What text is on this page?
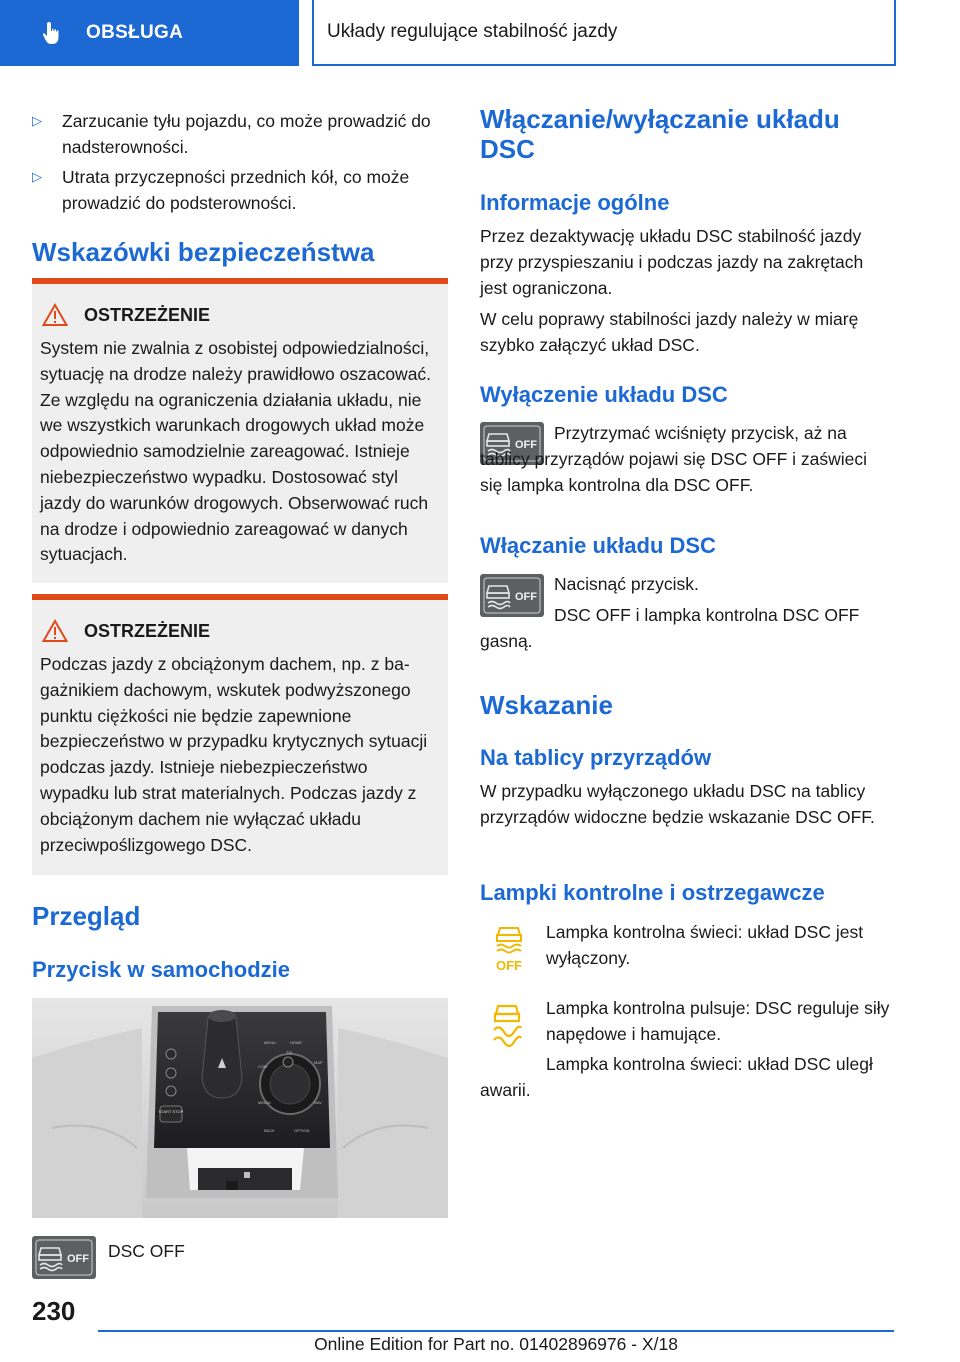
OBSŁUGA	Układy regulujące stabilność jazdy
▷ Zarzucanie tyłu pojazdu, co może prowadzić do nadsterowności.
▷ Utrata przyczepności przednich kół, co może prowadzić do podsterowności.
Wskazówki bezpieczeństwa
OSTRZEŻENIE
System nie zwalnia z osobistej odpowiedzialności, sytuację na drodze należy prawidłowo oszacować. Ze względu na ograniczenia działania układu, nie we wszystkich warunkach drogowych układ może odpowiednio samodzielnie zareagować. Istnieje niebezpieczeństwo wypadku. Dostosować styl jazdy do warunków drogowych. Obserwować ruch na drodze i odpowiednio zareagować w danych sytuacjach.
OSTRZEŻENIE
Podczas jazdy z obciążonym dachem, np. z bagażnikiem dachowym, wskutek podwyższonego punktu ciężkości nie będzie zapewnione bezpieczeństwo w przypadku krytycznych sytuacji podczas jazdy. Istnieje niebezpieczeństwo wypadku lub strat materialnych. Podczas jazdy z obciążonym dachem nie wyłączać układu przeciwpoślizgowego DSC.
Przegląd
Przycisk w samochodzie
START STOP
MENU	HOME
BACK	OPTION
COM
MAP
MEDIA	NAV
TEL
OFF DSC OFF
Włączanie/wyłączanie układu DSC
Informacje ogólne
Przez dezaktywację układu DSC stabilność jazdy przy przyspieszaniu i podczas jazdy na zakrętach jest ograniczona.
W celu poprawy stabilności jazdy należy w miarę szybko załączyć układ DSC.
Wyłączenie układu DSC
OFF
Przytrzymać wciśnięty przycisk, aż na tablicy przyrządów pojawi się DSC OFF i zaświeci się lampka kontrolna dla DSC OFF.
Włączanie układu DSC
OFF
Nacisnąć przycisk.
DSC OFF i lampka kontrolna DSC OFF gasną.
Wskazanie
Na tablicy przyrządów
W przypadku wyłączonego układu DSC na tablicy przyrządów widoczne będzie wskazanie DSC OFF.
Lampki kontrolne i ostrzegawcze
OFF
Lampka kontrolna świeci: układ DSC jest wyłączony.
Lampka kontrolna pulsuje: DSC reguluje siły napędowe i hamujące.
Lampka kontrolna świeci: układ DSC uległ awarii.
230
Online Edition for Part no. 01402896976 - X/18
